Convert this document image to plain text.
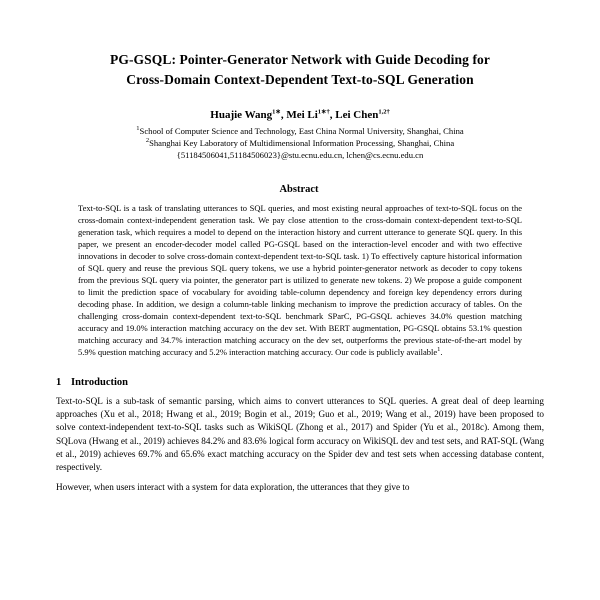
PG-GSQL: Pointer-Generator Network with Guide Decoding for
Cross-Domain Context-Dependent Text-to-SQL Generation
Huajie Wang$^{1∗}$, Mei $Li^{1∗\dagger}$, Lei Chen$^{1,2\dagger}$
$^1$School of Computer Science and Technology, East China Normal University, Shanghai, China
$^2$Shanghai Key Laboratory of Multidimensional Information Processing, Shanghai, China
{51184506041,51184506023}@stu.ecnu.edu.cn, lchen@cs.ecnu.edu.cn
Abstract
Text-to-SQL is a task of translating utterances to SQL queries, and most existing neural approaches of text-to-SQL focus on the cross-domain context-independent generation task. We pay close attention to the cross-domain context-dependent text-to-SQL generation task, which requires a model to depend on the interaction history and current utterance to generate SQL query. In this paper, we present an encoder-decoder model called PG-GSQL based on the interaction-level encoder and with two effective innovations in decoder to solve cross-domain context-dependent text-to-SQL task. 1) To effectively capture historical information of SQL query and reuse the previous SQL query tokens, we use a hybrid pointer-generator network as decoder to copy tokens from the previous SQL query via pointer, the generator part is utilized to generate new tokens. 2) We propose a guide component to limit the prediction space of vocabulary for avoiding table-column dependency and foreign key dependency errors during decoding phase. In addition, we design a column-table linking mechanism to improve the prediction accuracy of tables. On the challenging cross-domain context-dependent text-to-SQL benchmark SParC, PG-GSQL achieves 34.0% question matching accuracy and 19.0% interaction matching accuracy on the dev set. With BERT augmentation, PG-GSQL obtains 53.1% question matching accuracy and 34.7% interaction matching accuracy on the dev set, outperforms the previous state-of-the-art model by 5.9% question matching accuracy and 5.2% interaction matching accuracy. Our code is publicly available$^1$.
1 Introduction
Text-to-SQL is a sub-task of semantic parsing, which aims to convert utterances to SQL queries. A great deal of deep learning approaches (Xu et al., 2018; Hwang et al., 2019; Bogin et al., 2019; Guo et al., 2019; Wang et al., 2019) have been proposed to solve context-independent text-to-SQL tasks such as WikiSQL (Zhong et al., 2017) and Spider (Yu et al., 2018c). Among them, SQLova (Hwang et al., 2019) achieves 84.2% and 83.6% logical form accuracy on WikiSQL dev and test sets, and RAT-SQL (Wang et al., 2019) achieves 69.7% and 65.6% exact matching accuracy on the Spider dev and test sets when accessing database content, respectively.
However, when users interact with a system for data exploration, the utterances that they give to
